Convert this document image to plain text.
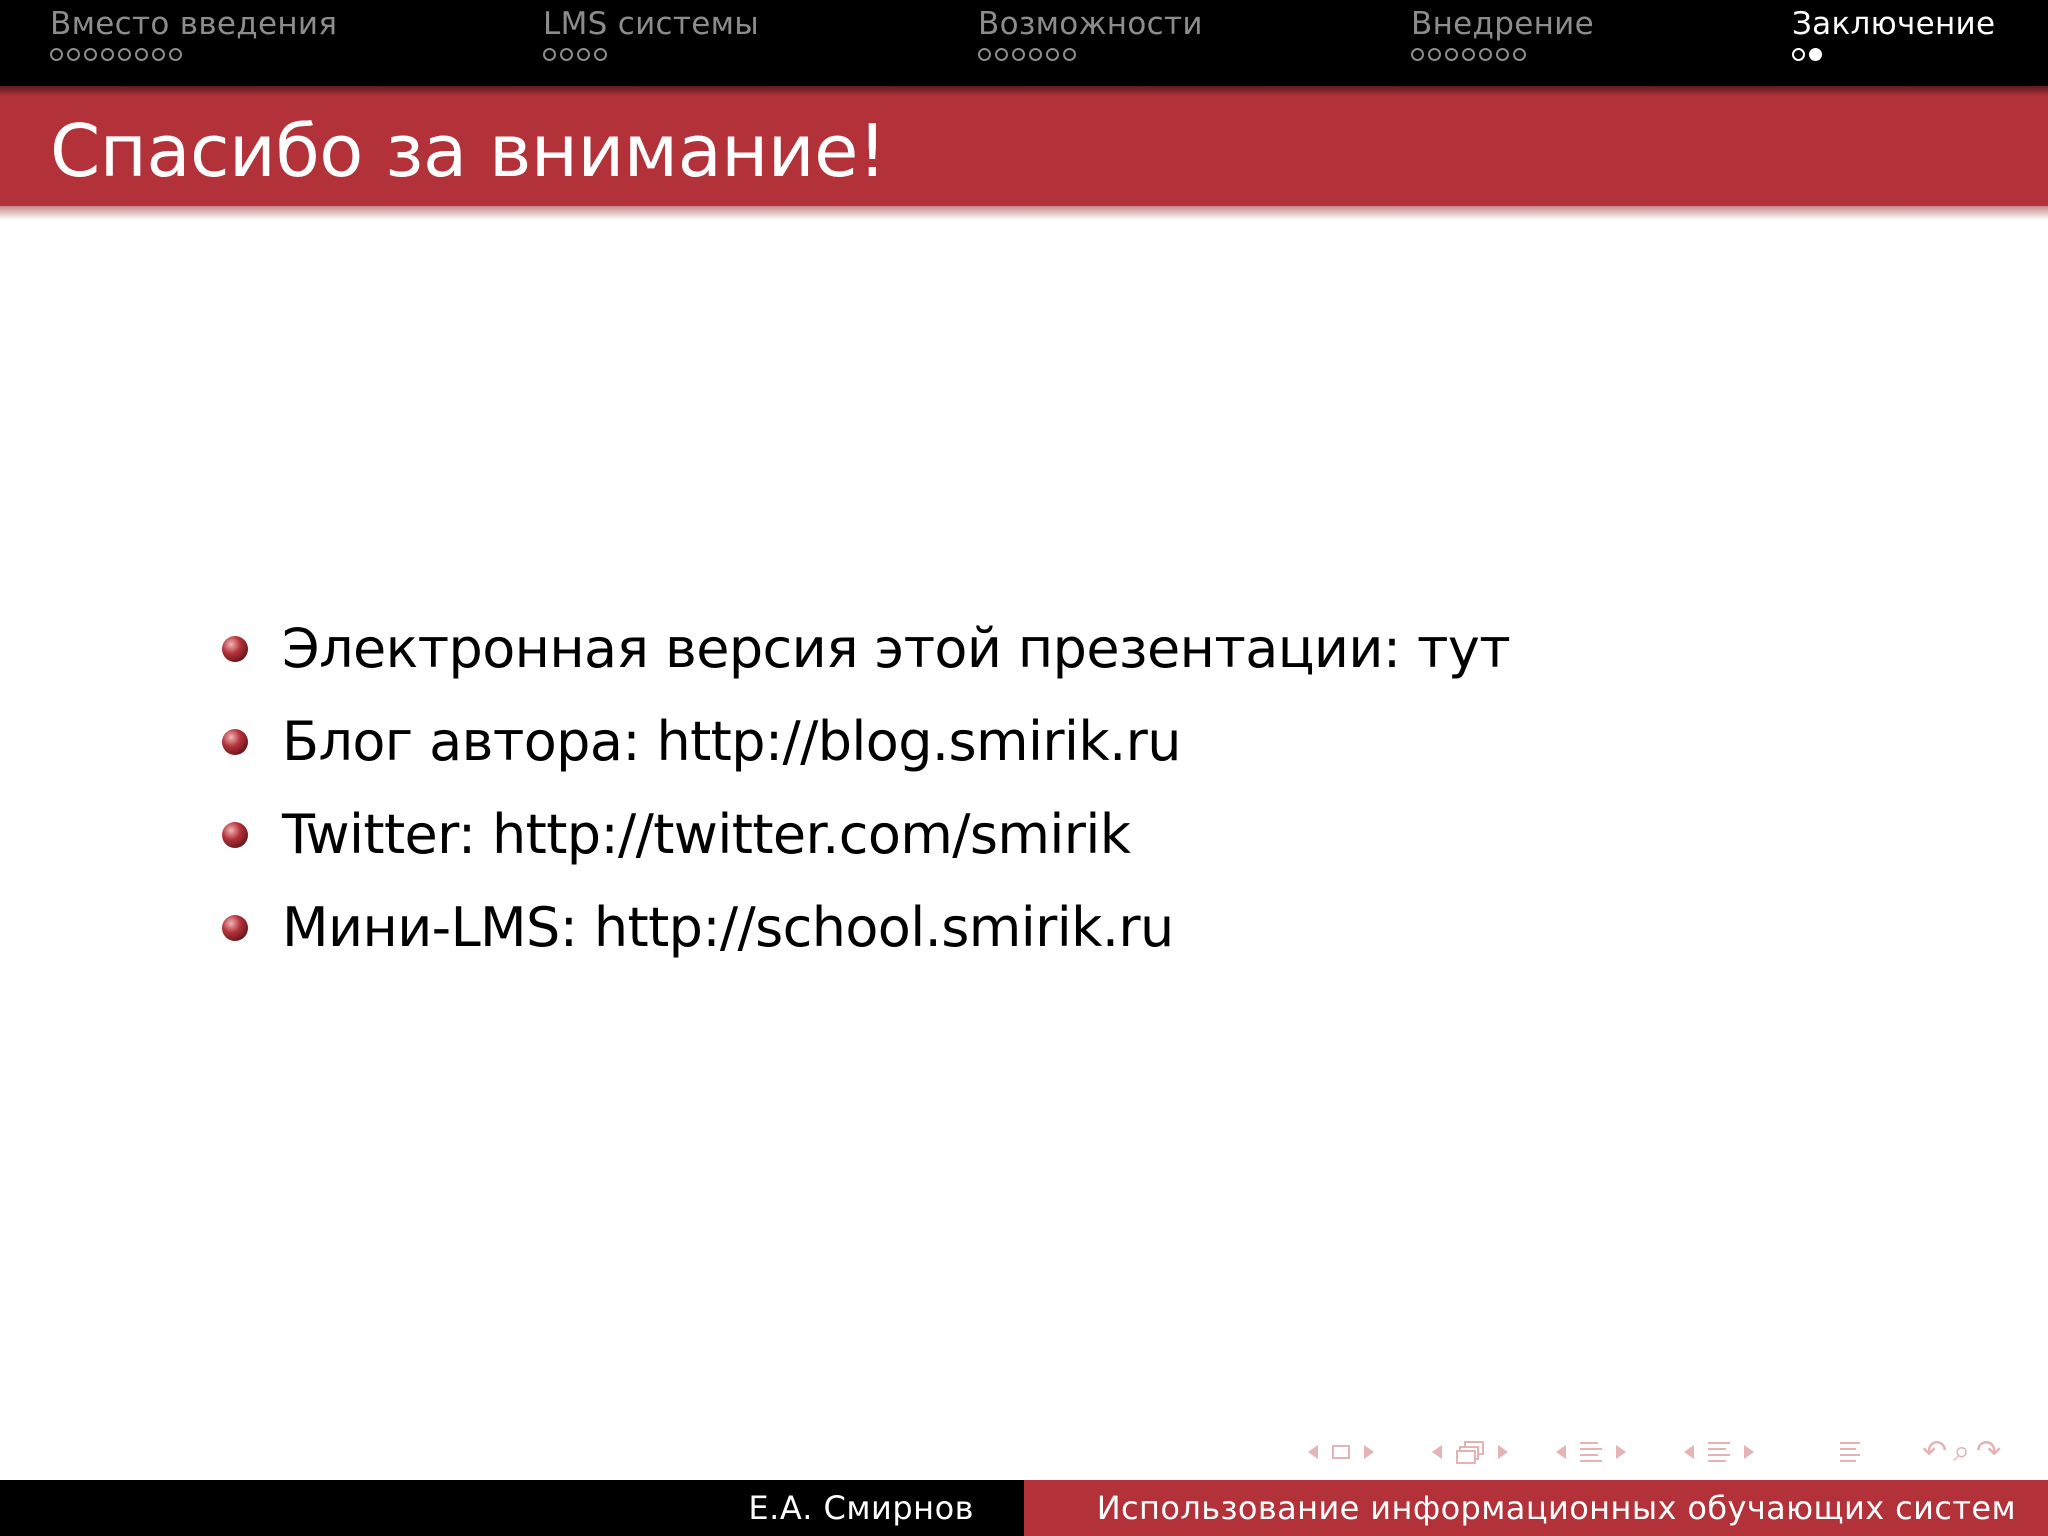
Вместо введения	LMS системы	Возможности	Внедрение	Заключение
Спасибо за внимание!
Электронная версия этой презентации: тут
Блог автора: http://blog.smirik.ru
Twitter: http://twitter.com/smirik
Мини-LMS: http://school.smirik.ru
↶ ⌕ ↷
Е.А. Смирнов	Использование информационных обучающих систем
